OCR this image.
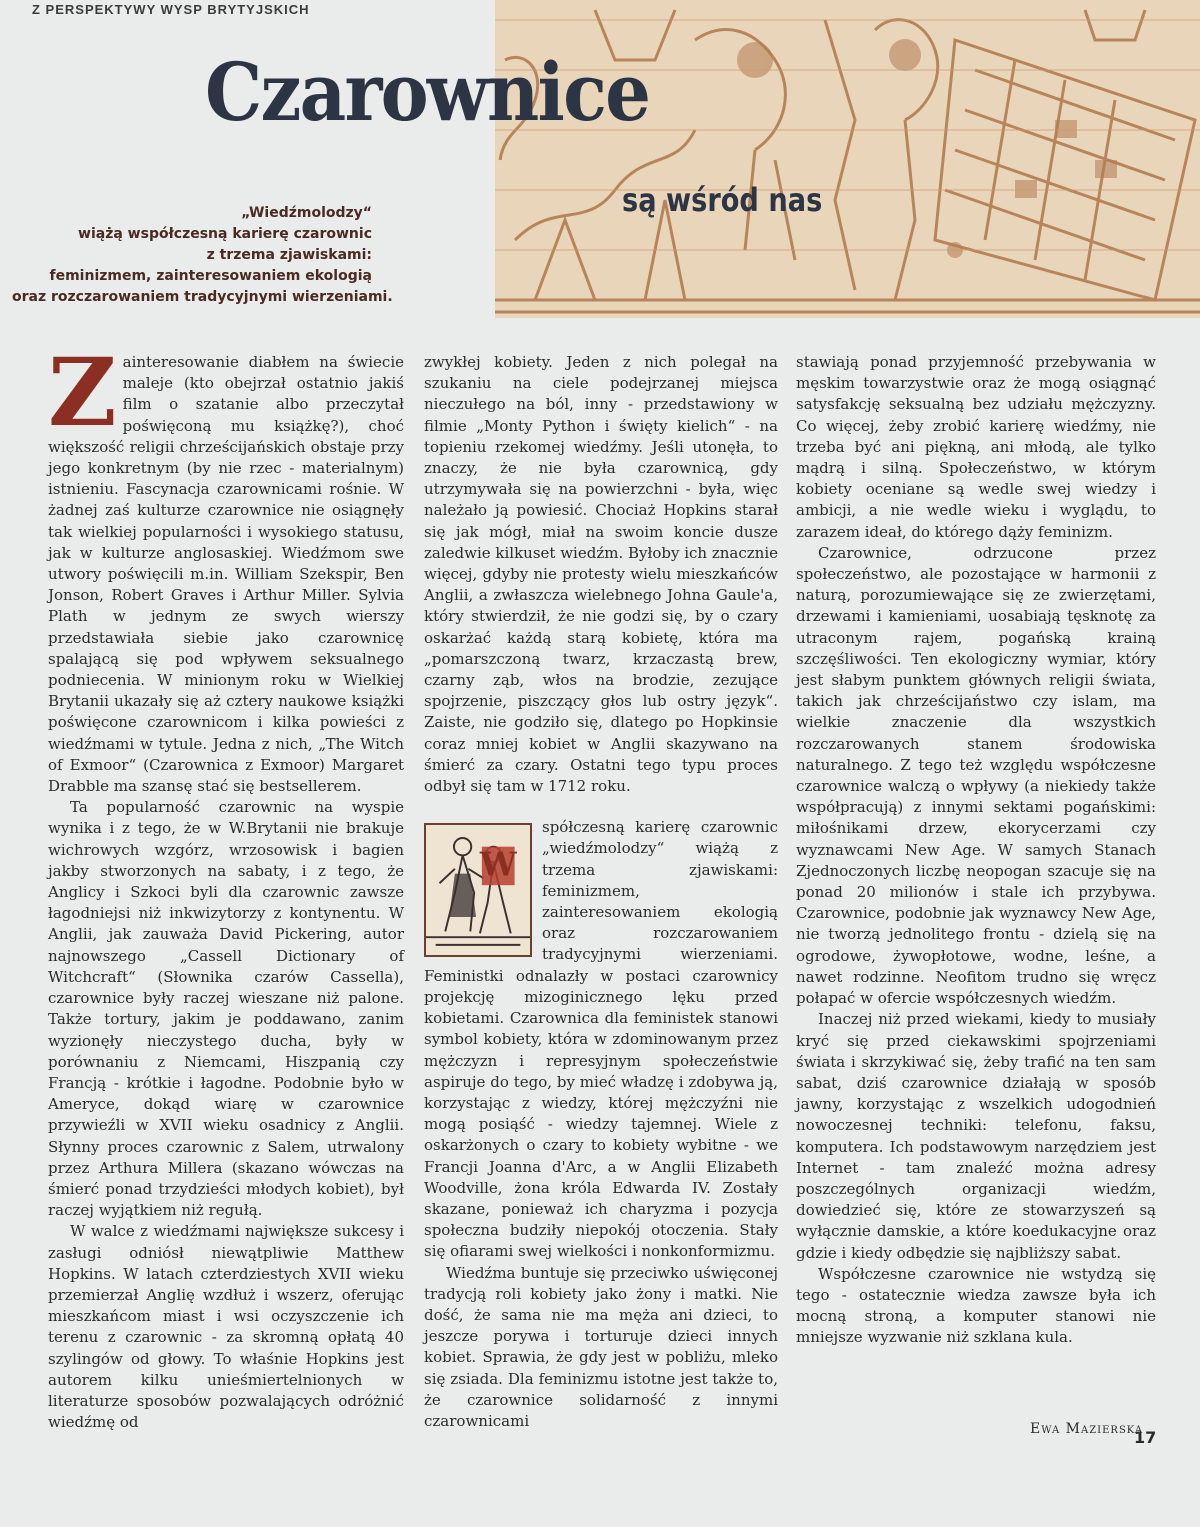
Z PERSPEKTYWY WYSP BRYTYJSKICH
Czarownice
są wśród nas
„Wiedźmolodzy“
wiążą współczesną karierę czarownic
z trzema zjawiskami:
feminizmem, zainteresowaniem ekologią
oraz rozczarowaniem tradycyjnymi wierzeniami.

Zainteresowanie diabłem na świecie maleje (kto obejrzał ostatnio jakiś film o szatanie albo przeczytał poświęconą mu książkę?), choć większość religii chrześcijańskich obstaje przy jego konkretnym (by nie rzec - materialnym) istnieniu. Fascynacja czarownicami rośnie. W żadnej zaś kulturze czarownice nie osiągnęły tak wielkiej popularności i wysokiego statusu, jak w kulturze anglosaskiej. Wiedźmom swe utwory poświęcili m.in. William Szekspir, Ben Jonson, Robert Graves i Arthur Miller. Sylvia Plath w jednym ze swych wierszy przedstawiała siebie jako czarownicę spalającą się pod wpływem seksualnego podniecenia. W minionym roku w Wielkiej Brytanii ukazały się aż cztery naukowe książki poświęcone czarownicom i kilka powieści z wiedźmami w tytule. Jedna z nich, „The Witch of Exmoor“ (Czarownica z Exmoor) Margaret Drabble ma szansę stać się bestsellerem.

Ta popularność czarownic na wyspie wynika i z tego, że w W.Brytanii nie brakuje wichrowych wzgórz, wrzosowisk i bagien jakby stworzonych na sabaty, i z tego, że Anglicy i Szkoci byli dla czarownic zawsze łagodniejsi niż inkwizytorzy z kontynentu. W Anglii, jak zauważa David Pickering, autor najnowszego „Cassell Dictionary of Witchcraft“ (Słownika czarów Cassella), czarownice były raczej wieszane niż palone. Także tortury, jakim je poddawano, zanim wyzionęły nieczystego ducha, były w porównaniu z Niemcami, Hiszpanią czy Francją - krótkie i łagodne. Podobnie było w Ameryce, dokąd wiarę w czarownice przywieźli w XVII wieku osadnicy z Anglii. Słynny proces czarownic z Salem, utrwalony przez Arthura Millera (skazano wówczas na śmierć ponad trzydzieści młodych kobiet), był raczej wyjątkiem niż regułą.

W walce z wiedźmami największe sukcesy i zasługi odniósł niewątpliwie Matthew Hopkins. W latach czterdziestych XVII wieku przemierzał Anglię wzdłuż i wszerz, oferując mieszkańcom miast i wsi oczyszczenie ich terenu z czarownic - za skromną opłatą 40 szylingów od głowy. To właśnie Hopkins jest autorem kilku unieśmiertelnionych w literaturze sposobów pozwalających odróżnić wiedźmę od

zwykłej kobiety. Jeden z nich polegał na szukaniu na ciele podejrzanej miejsca nieczułego na ból, inny - przedstawiony w filmie „Monty Python i święty kielich“ - na topieniu rzekomej wiedźmy. Jeśli utonęła, to znaczy, że nie była czarownicą, gdy utrzymywała się na powierzchni - była, więc należało ją powiesić. Chociaż Hopkins starał się jak mógł, miał na swoim koncie dusze zaledwie kilkuset wiedźm. Byłoby ich znacznie więcej, gdyby nie protesty wielu mieszkańców Anglii, a zwłaszcza wielebnego Johna Gaule'a, który stwierdził, że nie godzi się, by o czary oskarżać każdą starą kobietę, która ma „pomarszczoną twarz, krzaczastą brew, czarny ząb, włos na brodzie, zezujące spojrzenie, piszczący głos lub ostry język“. Zaiste, nie godziło się, dlatego po Hopkinsie coraz mniej kobiet w Anglii skazywano na śmierć za czary. Ostatni tego typu proces odbył się tam w 1712 roku.

W
spółczesną karierę czarownic „wiedźmolodzy“ wiążą z trzema zjawiskami: feminizmem, zainteresowaniem ekologią oraz rozczarowaniem tradycyjnymi wierzeniami. Feministki odnalazły w postaci czarownicy projekcję mizoginicznego lęku przed kobietami. Czarownica dla feministek stanowi symbol kobiety, która w zdominowanym przez mężczyzn i represyjnym społeczeństwie aspiruje do tego, by mieć władzę i zdobywa ją, korzystając z wiedzy, której mężczyźni nie mogą posiąść - wiedzy tajemnej. Wiele z oskarżonych o czary to kobiety wybitne - we Francji Joanna d'Arc, a w Anglii Elizabeth Woodville, żona króla Edwarda IV. Zostały skazane, ponieważ ich charyzma i pozycja społeczna budziły niepokój otoczenia. Stały się ofiarami swej wielkości i nonkonformizmu.

Wiedźma buntuje się przeciwko uświęconej tradycją roli kobiety jako żony i matki. Nie dość, że sama nie ma męża ani dzieci, to jeszcze porywa i torturuje dzieci innych kobiet. Sprawia, że gdy jest w pobliżu, mleko się zsiada. Dla feminizmu istotne jest także to, że czarownice solidarność z innymi czarownicami

stawiają ponad przyjemność przebywania w męskim towarzystwie oraz że mogą osiągnąć satysfakcję seksualną bez udziału mężczyzny. Co więcej, żeby zrobić karierę wiedźmy, nie trzeba być ani piękną, ani młodą, ale tylko mądrą i silną. Społeczeństwo, w którym kobiety oceniane są wedle swej wiedzy i ambicji, a nie wedle wieku i wyglądu, to zarazem ideał, do którego dąży feminizm.

Czarownice, odrzucone przez społeczeństwo, ale pozostające w harmonii z naturą, porozumiewające się ze zwierzętami, drzewami i kamieniami, uosabiają tęsknotę za utraconym rajem, pogańską krainą szczęśliwości. Ten ekologiczny wymiar, który jest słabym punktem głównych religii świata, takich jak chrześcijaństwo czy islam, ma wielkie znaczenie dla wszystkich rozczarowanych stanem środowiska naturalnego. Z tego też względu współczesne czarownice walczą o wpływy (a niekiedy także współpracują) z innymi sektami pogańskimi: miłośnikami drzew, ekorycerzami czy wyznawcami New Age. W samych Stanach Zjednoczonych liczbę neopogan szacuje się na ponad 20 milionów i stale ich przybywa. Czarownice, podobnie jak wyznawcy New Age, nie tworzą jednolitego frontu - dzielą się na ogrodowe, żywopłotowe, wodne, leśne, a nawet rodzinne. Neofitom trudno się wręcz połapać w ofercie współczesnych wiedźm.

Inaczej niż przed wiekami, kiedy to musiały kryć się przed ciekawskimi spojrzeniami świata i skrzykiwać się, żeby trafić na ten sam sabat, dziś czarownice działają w sposób jawny, korzystając z wszelkich udogodnień nowoczesnej techniki: telefonu, faksu, komputera. Ich podstawowym narzędziem jest Internet - tam znaleźć można adresy poszczególnych organizacji wiedźm, dowiedzieć się, które ze stowarzyszeń są wyłącznie damskie, a które koedukacyjne oraz gdzie i kiedy odbędzie się najbliższy sabat.

Współczesne czarownice nie wstydzą się tego - ostatecznie wiedza zawsze była ich mocną stroną, a komputer stanowi nie mniejsze wyzwanie niż szklana kula.

Ewa Mazierska
17
